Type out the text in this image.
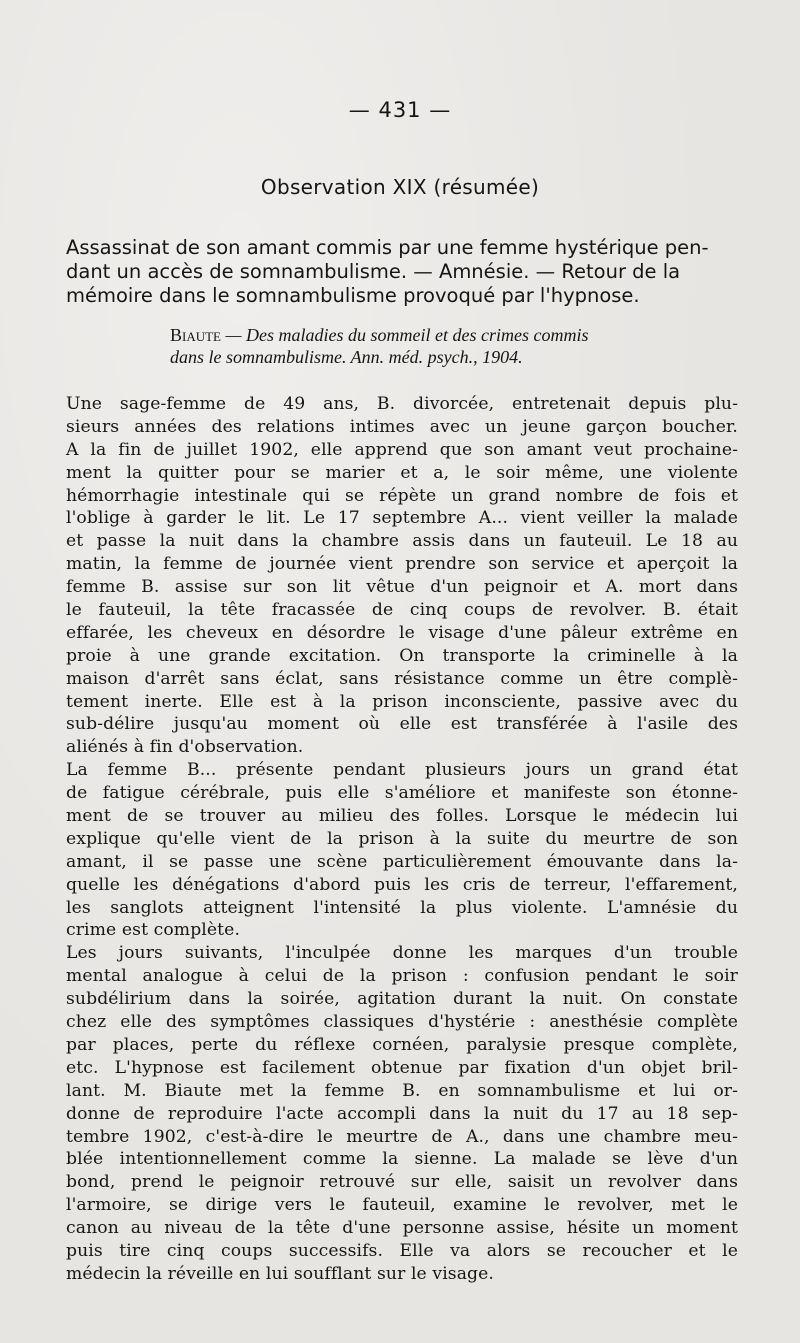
— 431 —
Observation XIX (résumée)
Assassinat de son amant commis par une femme hystérique pen-
dant un accès de somnambulisme. — Amnésie. — Retour de la
mémoire dans le somnambulisme provoqué par l'hypnose.
Biaute — Des maladies du sommeil et des crimes commis
dans le somnambulisme. Ann. méd. psych., 1904.
Une sage-femme de 49 ans, B. divorcée, entretenait depuis plu-
sieurs années des relations intimes avec un jeune garçon boucher.
A la fin de juillet 1902, elle apprend que son amant veut prochaine-
ment la quitter pour se marier et a, le soir même, une violente
hémorrhagie intestinale qui se répète un grand nombre de fois et
l'oblige à garder le lit. Le 17 septembre A... vient veiller la malade
et passe la nuit dans la chambre assis dans un fauteuil. Le 18 au
matin, la femme de journée vient prendre son service et aperçoit la
femme B. assise sur son lit vêtue d'un peignoir et A. mort dans
le fauteuil, la tête fracassée de cinq coups de revolver. B. était
effarée, les cheveux en désordre le visage d'une pâleur extrême en
proie à une grande excitation. On transporte la criminelle à la
maison d'arrêt sans éclat, sans résistance comme un être complè-
tement inerte. Elle est à la prison inconsciente, passive avec du
sub-délire jusqu'au moment où elle est transférée à l'asile des
aliénés à fin d'observation.
La femme B... présente pendant plusieurs jours un grand état
de fatigue cérébrale, puis elle s'améliore et manifeste son étonne-
ment de se trouver au milieu des folles. Lorsque le médecin lui
explique qu'elle vient de la prison à la suite du meurtre de son
amant, il se passe une scène particulièrement émouvante dans la-
quelle les dénégations d'abord puis les cris de terreur, l'effarement,
les sanglots atteignent l'intensité la plus violente. L'amnésie du
crime est complète.
Les jours suivants, l'inculpée donne les marques d'un trouble
mental analogue à celui de la prison : confusion pendant le soir
subdélirium dans la soirée, agitation durant la nuit. On constate
chez elle des symptômes classiques d'hystérie : anesthésie complète
par places, perte du réflexe cornéen, paralysie presque complète,
etc. L'hypnose est facilement obtenue par fixation d'un objet bril-
lant. M. Biaute met la femme B. en somnambulisme et lui or-
donne de reproduire l'acte accompli dans la nuit du 17 au 18 sep-
tembre 1902, c'est-à-dire le meurtre de A., dans une chambre meu-
blée intentionnellement comme la sienne. La malade se lève d'un
bond, prend le peignoir retrouvé sur elle, saisit un revolver dans
l'armoire, se dirige vers le fauteuil, examine le revolver, met le
canon au niveau de la tête d'une personne assise, hésite un moment
puis tire cinq coups successifs. Elle va alors se recoucher et le
médecin la réveille en lui soufflant sur le visage.
